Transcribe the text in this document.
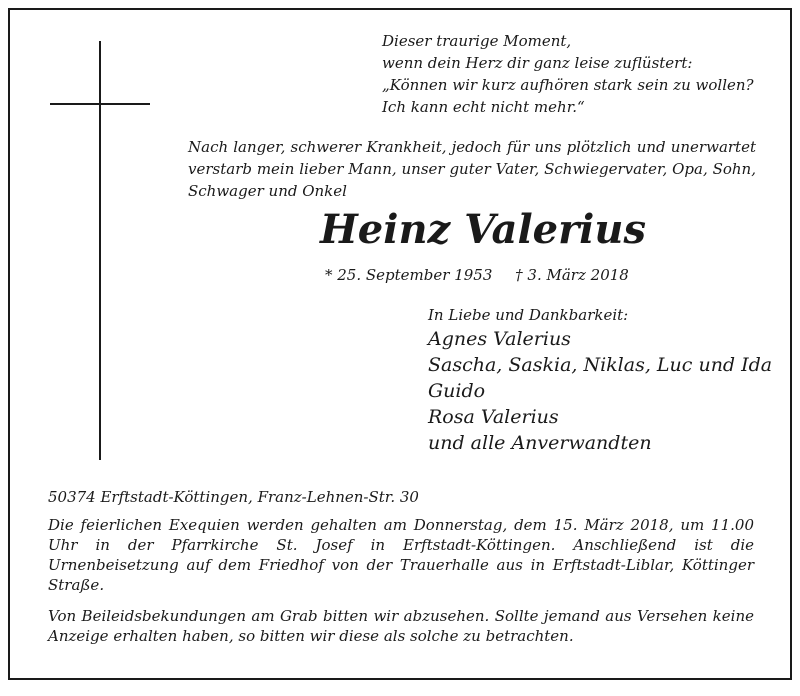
Dieser traurige Moment,
wenn dein Herz dir ganz leise zuflüstert:
„Können wir kurz aufhören stark sein zu wollen?
Ich kann echt nicht mehr.“
Nach langer, schwerer Krankheit, jedoch für uns plötzlich und unerwartet verstarb mein lieber Mann, unser guter Vater, Schwiegervater, Opa, Sohn, Schwager und Onkel
Heinz Valerius
* 25. September 1953 † 3. März 2018
In Liebe und Dankbarkeit:
Agnes Valerius
Sascha, Saskia, Niklas, Luc und Ida
Guido
Rosa Valerius
und alle Anverwandten
50374 Erftstadt-Köttingen, Franz-Lehnen-Str. 30
Die feierlichen Exequien werden gehalten am Donnerstag, dem 15. März 2018, um 11.00 Uhr in der Pfarrkirche St. Josef in Erftstadt-Köttingen. Anschließend ist die Urnenbeisetzung auf dem Friedhof von der Trauerhalle aus in Erftstadt-Liblar, Köttinger Straße.
Von Beileidsbekundungen am Grab bitten wir abzusehen. Sollte jemand aus Versehen keine Anzeige erhalten haben, so bitten wir diese als solche zu betrachten.
